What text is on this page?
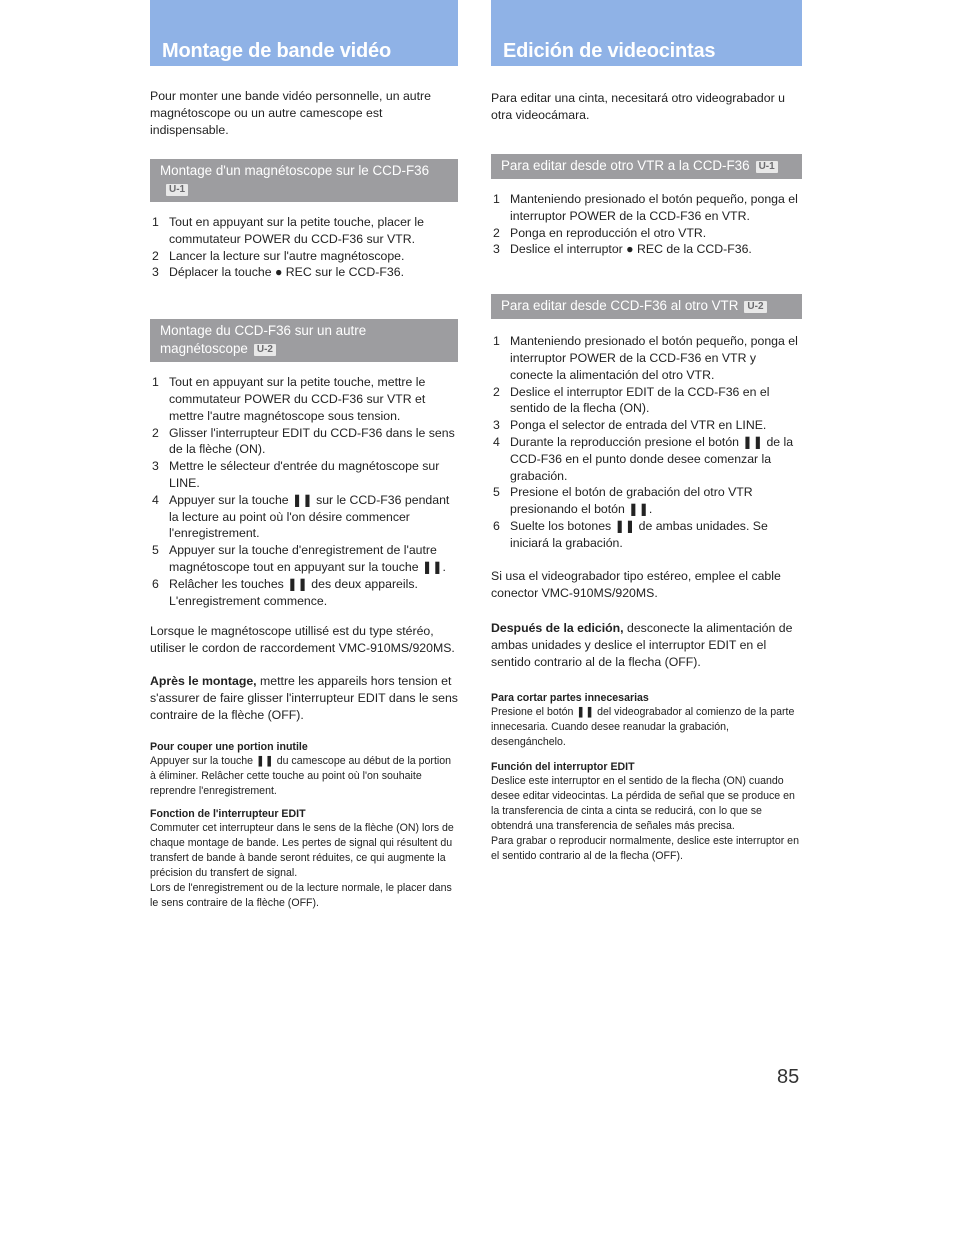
Montage de bande vidéo

Pour monter une bande vidéo personnelle, un autre magnétoscope ou un autre camescope est indispensable.

Montage d'un magnétoscope sur le CCD-F36U-1
1 Tout en appuyant sur la petite touche, placer le commutateur POWER du CCD-F36 sur VTR.
2 Lancer la lecture sur l'autre magnétoscope.
3 Déplacer la touche ● REC sur le CCD-F36.
Montage du CCD-F36 sur un autre magnétoscope U-2
1 Tout en appuyant sur la petite touche, mettre le commutateur POWER du CCD-F36 sur VTR et mettre l'autre magnétoscope sous tension.
2 Glisser l'interrupteur EDIT du CCD-F36 dans le sens de la flèche (ON).
3 Mettre le sélecteur d'entrée du magnétoscope sur LINE.
4 Appuyer sur la touche ❚❚ sur le CCD-F36 pendant la lecture au point où l'on désire commencer l'enregistrement.
5 Appuyer sur la touche d'enregistrement de l'autre magnétoscope tout en appuyant sur la touche ❚❚.
6 Relâcher les touches ❚❚ des deux appareils. L'enregistrement commence.

Lorsque le magnétoscope utillisé est du type stéréo, utiliser le cordon de raccordement VMC-910MS/920MS.

Après le montage, mettre les appareils hors tension et s'assurer de faire glisser l'interrupteur EDIT dans le sens contraire de la flèche (OFF).

Pour couper une portion inutile

Appuyer sur la touche ❚❚ du camescope au début de la portion à éliminer. Relâcher cette touche au point où l'on souhaite reprendre l'enregistrement.

Fonction de l'interrupteur EDIT

Commuter cet interrupteur dans le sens de la flèche (ON) lors de chaque montage de bande. Les pertes de signal qui résultent du transfert de bande à bande seront réduites, ce qui augmente la précision du transfert de signal.

Lors de l'enregistrement ou de la lecture normale, le placer dans le sens contraire de la flèche (OFF).

Edición de videocintas

Para editar una cinta, necesitará otro videograbador u otra videocámara.

Para editar desde otro VTR a la CCD-F36 U-1
1 Manteniendo presionado el botón pequeño, ponga el interruptor POWER de la CCD-F36 en VTR.
2 Ponga en reproducción el otro VTR.
3 Deslice el interruptor ● REC de la CCD-F36.
Para editar desde CCD-F36 al otro VTR U-2
1 Manteniendo presionado el botón pequeño, ponga el interruptor POWER de la CCD-F36 en VTR y conecte la alimentación del otro VTR.
2 Deslice el interruptor EDIT de la CCD-F36 en el sentido de la flecha (ON).
3 Ponga el selector de entrada del VTR en LINE.
4 Durante la reproducción presione el botón ❚❚ de la CCD-F36 en el punto donde desee comenzar la grabación.
5 Presione el botón de grabación del otro VTR presionando el botón ❚❚.
6 Suelte los botones ❚❚ de ambas unidades. Se iniciará la grabación.

Si usa el videograbador tipo estéreo, emplee el cable conector VMC-910MS/920MS.

Después de la edición, desconecte la alimentación de ambas unidades y deslice el interruptor EDIT en el sentido contrario al de la flecha (OFF).

Para cortar partes innecesarias

Presione el botón ❚❚ del videograbador al comienzo de la parte innecesaria. Cuando desee reanudar la grabación, desengánchelo.

Función del interruptor EDIT

Deslice este interruptor en el sentido de la flecha (ON) cuando desee editar videocintas. La pérdida de señal que se produce en la transferencia de cinta a cinta se reducirá, con lo que se obtendrá una transferencia de señales más precisa.

Para grabar o reproducir normalmente, deslice este interruptor en el sentido contrario al de la flecha (OFF).

85
